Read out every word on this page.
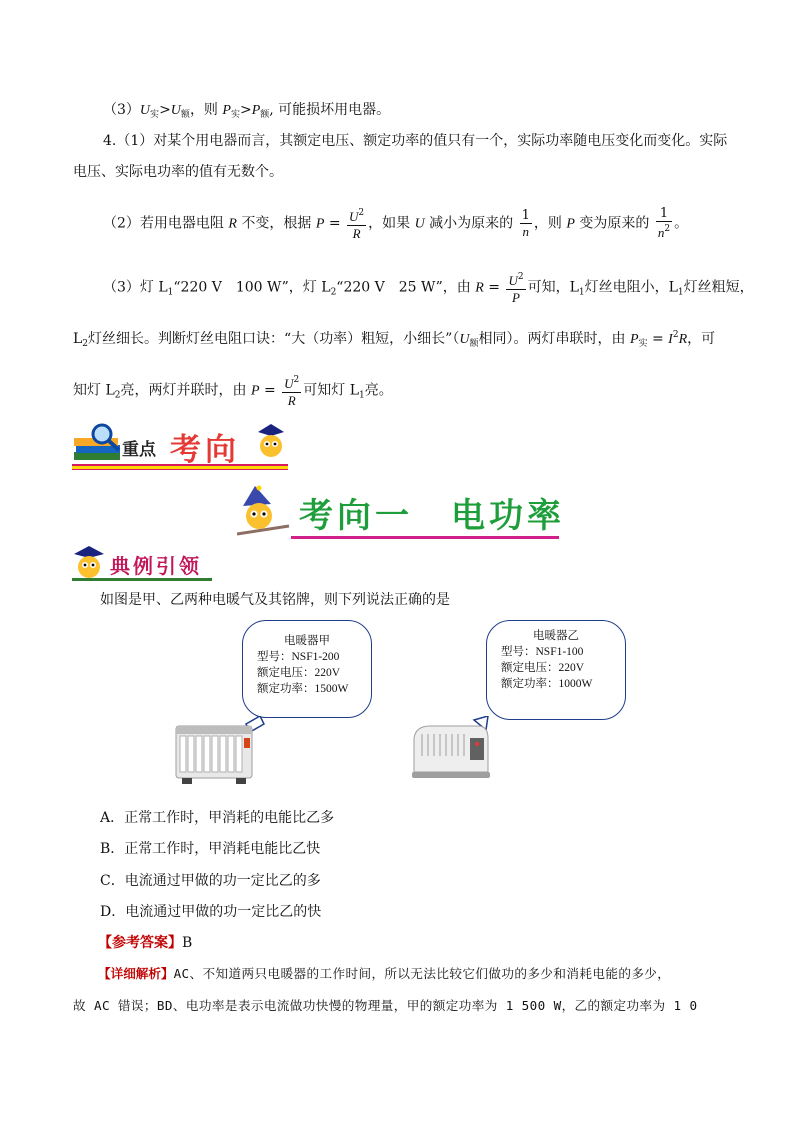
$(3)U_实>U_额$，则 $P_实>P_额$, 可能损坏用电器。
4.（1）对某个用电器而言，其额定电压、额定功率的值只有一个，实际功率随电压变化而变化。实际
电压、实际电功率的值有无数个。
（2）若用电器电阻 R 不变，根据 $P = \frac{U^2}{R}$ ，如果 U 减小为原来的 $\frac{1}{n}$ ，则 P 变为原来的 $\frac{1}{n^2}$ 。
（3）灯 $L_1“220$ V　100 W”，灯 $L_2“220$ V　25 W”，由 $R = \frac{U^2}{P}$ 可知，$L_1$灯丝电阻小，$L_1$灯丝粗短，
$L_2$灯丝细长。判断灯丝电阻口诀：“大（功率）粗短，小细长$”(U_额$相同）。两灯串联时，由 $P_实 = I^2R$，可
知灯 $L_2$亮，两灯并联时，由 $P = \frac{U^2}{R}$ 可知灯 $L_1$亮。
重点 考向
考向一　电功率
典例引领
如图是甲、乙两种电暖气及其铭牌，则下列说法正确的是
电暖器甲
型号：NSF1-200
额定电压：220V
额定功率：1500W
电暖器乙
型号：NSF1-100
额定电压：220V
额定功率：1000W
A．正常工作时，甲消耗的电能比乙多
B．正常工作时，甲消耗电能比乙快
C．电流通过甲做的功一定比乙的多
D．电流通过甲做的功一定比乙的快
【参考答案】B
【详细解析】AC、不知道两只电暖器的工作时间，所以无法比较它们做功的多少和消耗电能的多少，
故 AC 错误；BD、电功率是表示电流做功快慢的物理量，甲的额定功率为 1 500 W，乙的额定功率为 1 0
